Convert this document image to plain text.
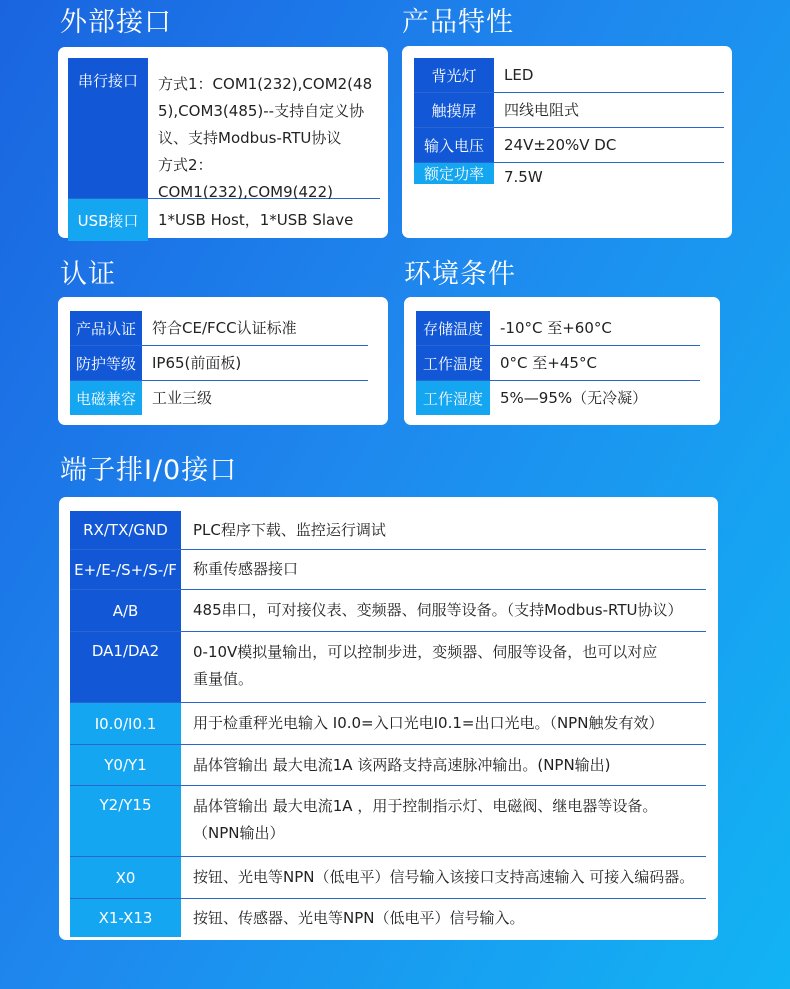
外部接口	产品特性
认证	环境条件
端子排I/0接口
串行接口	方式1：COM1(232),COM2(48
5),COM3(485)--支持自定义协
议、支持Modbus-RTU协议
方式2：COM1(232),COM9(422)
USB接口	1*USB Host，1*USB Slave
背光灯	LED
触摸屏	四线电阻式
输入电压	24V±20%V DC
额定功率	7.5W
产品认证	符合CE/FCC认证标准
防护等级	IP65(前面板)
电磁兼容	工业三级
存储温度	-10°C 至+60°C
工作温度	0°C 至+45°C
工作湿度	5%—95%（无冷凝）
RX/TX/GND	PLC程序下载、监控运行调试
E+/E-/S+/S-/F	称重传感器接口
A/B	485串口，可对接仪表、变频器、伺服等设备。（支持Modbus-RTU协议）
DA1/DA2	0-10V模拟量输出，可以控制步进，变频器、伺服等设备，也可以对应
重量值。
I0.0/I0.1	用于检重秤光电输入 I0.0=入口光电I0.1=出口光电。（NPN触发有效）
Y0/Y1	晶体管输出 最大电流1A 该两路支持高速脉冲输出。(NPN输出)
Y2/Y15	晶体管输出 最大电流1A ，用于控制指示灯、电磁阀、继电器等设备。
（NPN输出）
X0	按钮、光电等NPN（低电平）信号输入该接口支持高速输入 可接入编码器。
X1-X13	按钮、传感器、光电等NPN（低电平）信号输入。
